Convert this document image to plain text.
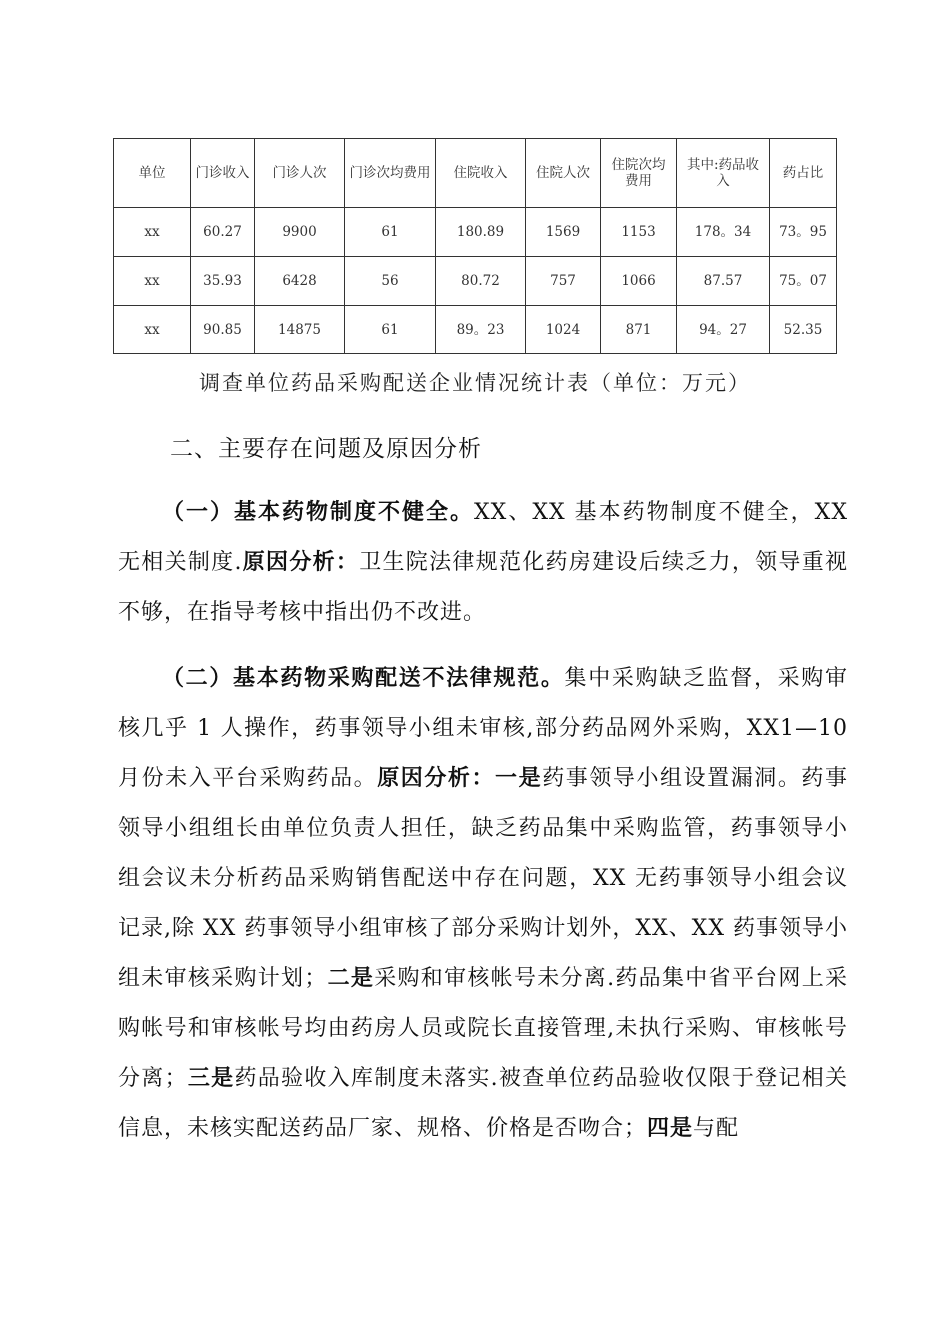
单位	门诊收入	门诊人次	门诊次均费用	住院收入	住院人次	住院次均费用	其中:药品收入	药占比
xx	60.27	9900	61	180.89	1569	1153	178。34	73。95
xx	35.93	6428	56	80.72	757	1066	87.57	75。07
xx	90.85	14875	61	89。23	1024	871	94。27	52.35
调查单位药品采购配送企业情况统计表（单位：万元）
二、主要存在问题及原因分析
（一）基本药物制度不健全。XX、XX 基本药物制度不健全，XX 无相关制度.原因分析：卫生院法律规范化药房建设后续乏力，领导重视不够，在指导考核中指出仍不改进。
（二）基本药物采购配送不法律规范。集中采购缺乏监督，采购审核几乎 1 人操作，药事领导小组未审核,部分药品网外采购，XX1—10 月份未入平台采购药品。原因分析：一是药事领导小组设置漏洞。药事领导小组组长由单位负责人担任，缺乏药品集中采购监管，药事领导小组会议未分析药品采购销售配送中存在问题，XX 无药事领导小组会议记录,除 XX 药事领导小组审核了部分采购计划外，XX、XX 药事领导小组未审核采购计划；二是采购和审核帐号未分离.药品集中省平台网上采购帐号和审核帐号均由药房人员或院长直接管理,未执行采购、审核帐号分离；三是药品验收入库制度未落实.被查单位药品验收仅限于登记相关信息，未核实配送药品厂家、规格、价格是否吻合；四是与配
